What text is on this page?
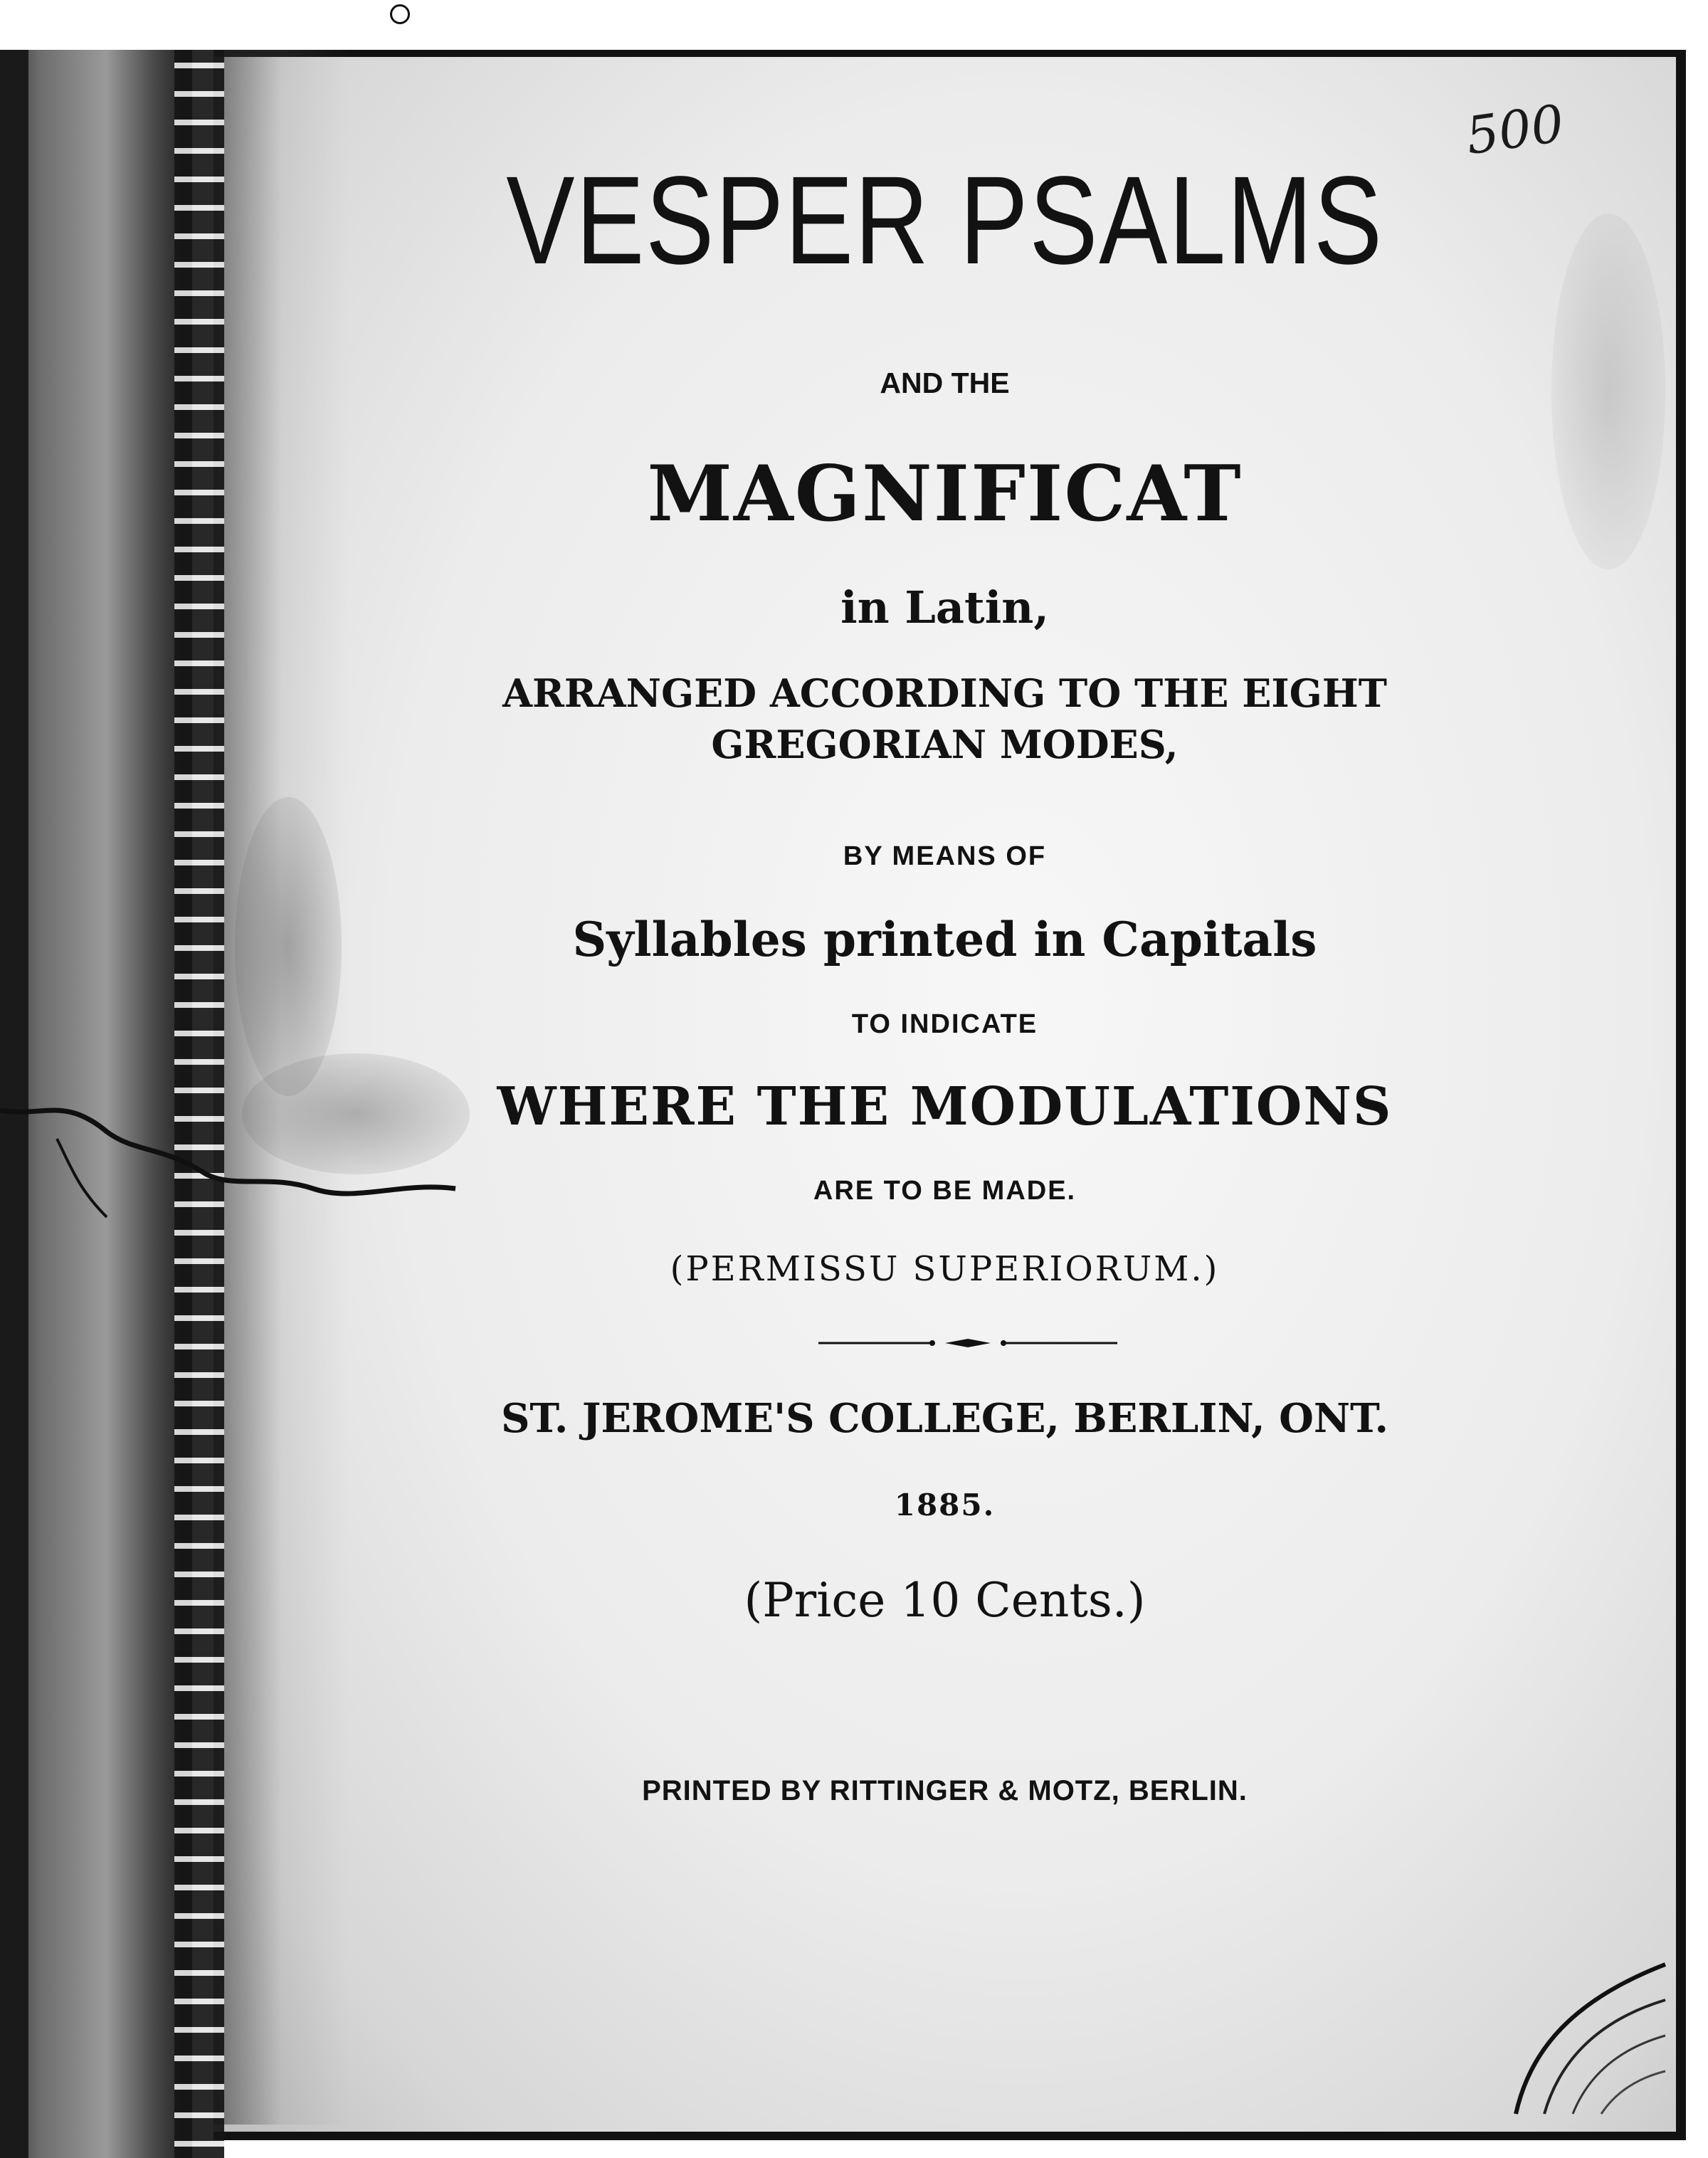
500

VESPER PSALMS

AND THE

MAGNIFICAT

in Latin,

ARRANGED ACCORDING TO THE EIGHT

GREGORIAN MODES,

BY MEANS OF

Syllables printed in Capitals

TO INDICATE

WHERE THE MODULATIONS

ARE TO BE MADE.

(PERMISSU SUPERIORUM.)

ST. JEROME'S COLLEGE, BERLIN, ONT.

1885.

(Price 10 Cents.)

PRINTED BY RITTINGER & MOTZ, BERLIN.
